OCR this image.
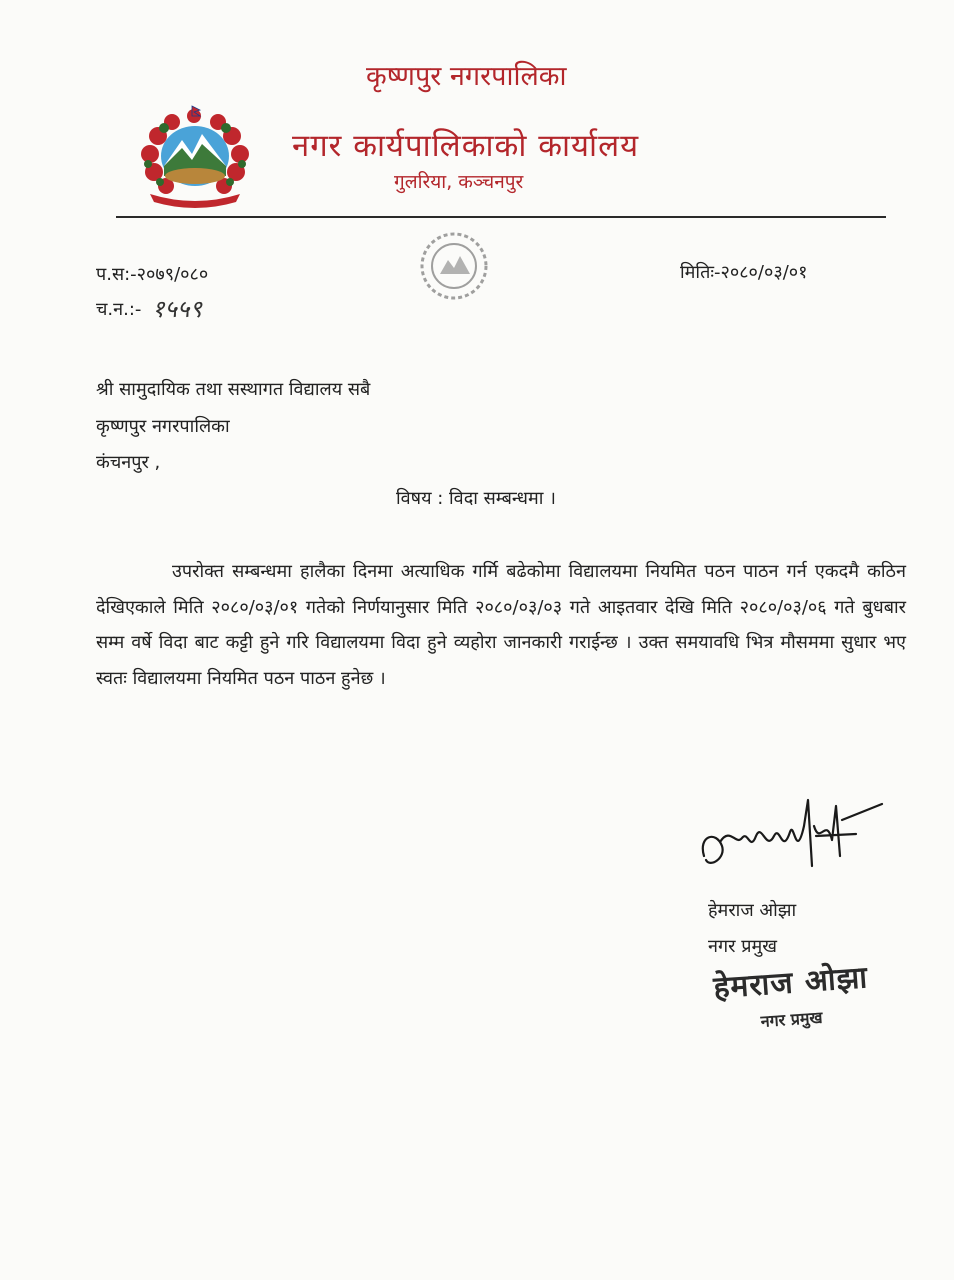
कृष्णपुर नगरपालिका
नगर कार्यपालिकाको कार्यालय
गुलरिया, कञ्चनपुर
प.स:-२०७९/०८०
च.न.:- १५५९
मितिः-२०८०/०३/०१
श्री सामुदायिक तथा सस्थागत विद्यालय सबै
कृष्णपुर नगरपालिका
कंचनपुर ,
विषय : विदा सम्बन्धमा ।
उपरोक्त सम्बन्धमा हालैका दिनमा अत्याधिक गर्मि बढेकोमा विद्यालयमा नियमित पठन पाठन गर्न एकदमै कठिन देखिएकाले मिति २०८०/०३/०१ गतेको निर्णयानुसार मिति २०८०/०३/०३ गते आइतवार देखि मिति २०८०/०३/०६ गते बुधबार सम्म वर्षे विदा बाट कट्टी हुने गरि विद्यालयमा विदा हुने व्यहोरा जानकारी गराईन्छ । उक्त समयावधि भित्र मौसममा सुधार भए स्वतः विद्यालयमा नियमित पठन पाठन हुनेछ ।
हेमराज ओझा
नगर प्रमुख
हेमराज ओझा
नगर प्रमुख
